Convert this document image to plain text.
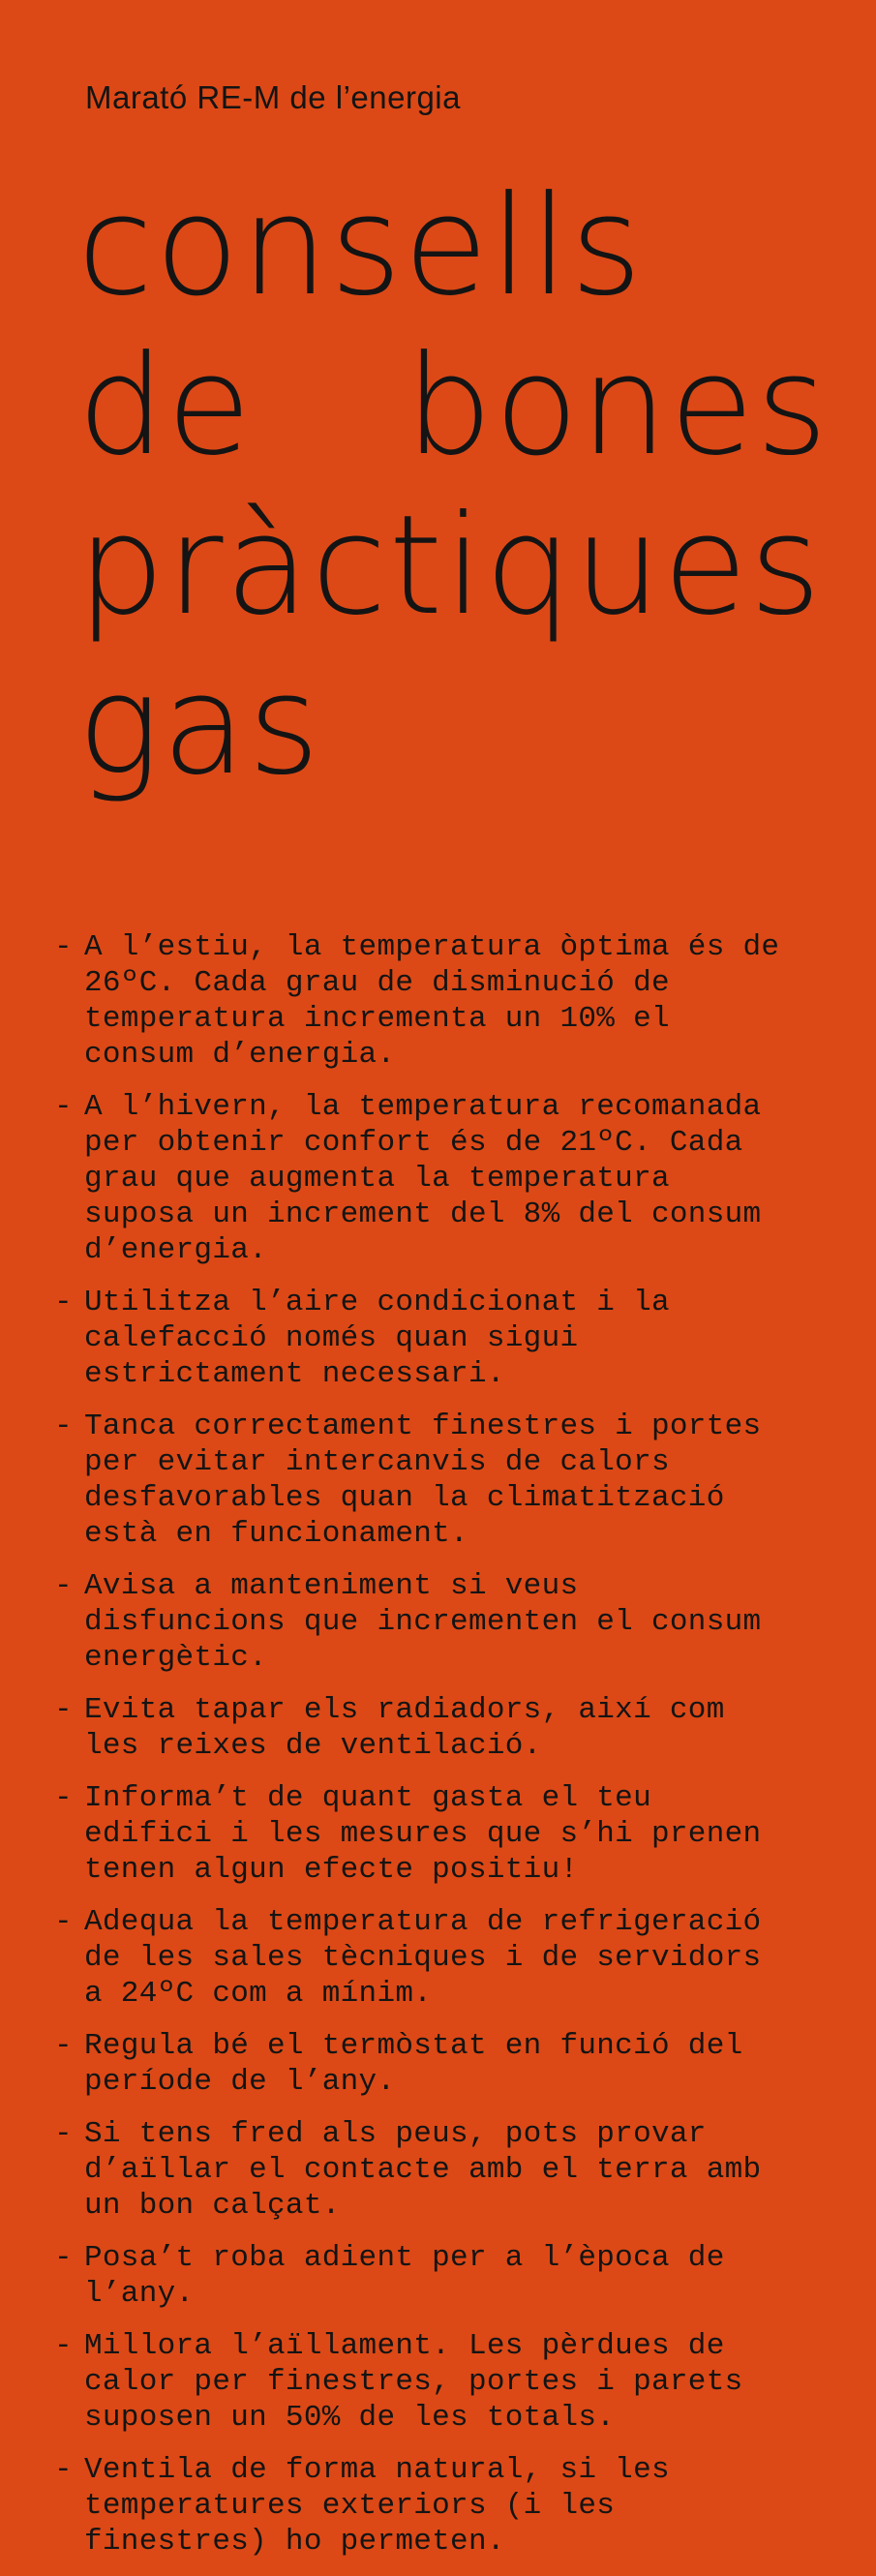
Marató RE-M de l’energia
consells
de bones
pràctiques
gas
- A l’estiu, la temperatura òptima és de 26ºC. Cada grau de disminució de temperatura incrementa un 10% el consum d’energia.
- A l’hivern, la temperatura recomanada per obtenir confort és de 21ºC. Cada grau que augmenta la temperatura suposa un increment del 8% del consum d’energia.
- Utilitza l’aire condicionat i la calefacció només quan sigui estrictament necessari.
- Tanca correctament finestres i portes per evitar intercanvis de calors desfavorables quan la climatització està en funcionament.
- Avisa a manteniment si veus disfuncions que incrementen el consum energètic.
- Evita tapar els radiadors, així com les reixes de ventilació.
- Informa’t de quant gasta el teu edifici i les mesures que s’hi prenen tenen algun efecte positiu!
- Adequa la temperatura de refrigeració de les sales tècniques i de servidors a 24ºC com a mínim.
- Regula bé el termòstat en funció del període de l’any.
- Si tens fred als peus, pots provar d’aïllar el contacte amb el terra amb un bon calçat.
- Posa’t roba adient per a l’època de l’any.
- Millora l’aïllament. Les pèrdues de calor per finestres, portes i parets suposen un 50% de les totals.
- Ventila de forma natural, si les temperatures exteriors (i les finestres) ho permeten.
